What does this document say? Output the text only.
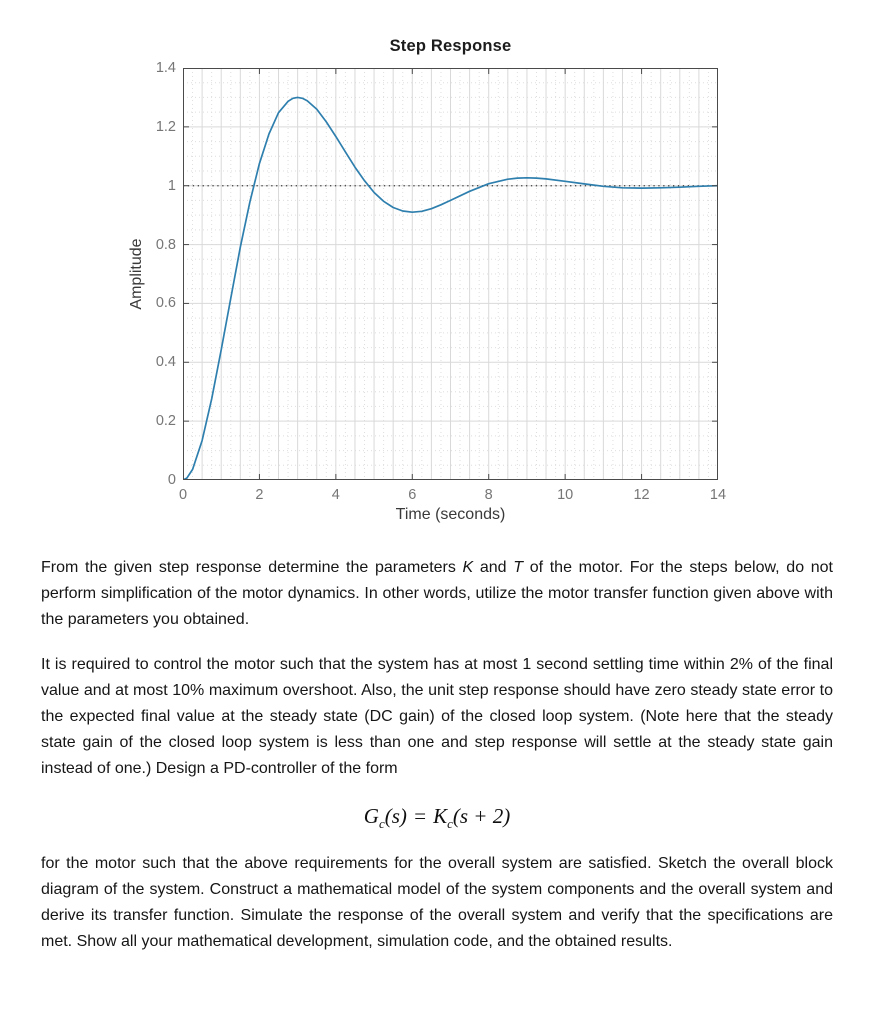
Step Response
Amplitude
0	2	4	6	8	10	12	14
0
0.2
0.4
0.6
0.8
1
1.2
1.4
Time (seconds)

From the given step response determine the parameters K and T of the motor. For the steps below, do not perform simplification of the motor dynamics. In other words, utilize the motor transfer function given above with the parameters you obtained.

It is required to control the motor such that the system has at most 1 second settling time within 2% of the final value and at most 10% maximum overshoot. Also, the unit step response should have zero steady state error to the expected final value at the steady state (DC gain) of the closed loop system. (Note here that the steady state gain of the closed loop system is less than one and step response will settle at the steady state gain instead of one.) Design a PD-controller of the form

$G_c(s) = K_c(s + 2)$

for the motor such that the above requirements for the overall system are satisfied. Sketch the overall block diagram of the system. Construct a mathematical model of the system components and the overall system and derive its transfer function. Simulate the response of the overall system and verify that the specifications are met. Show all your mathematical development, simulation code, and the obtained results.
